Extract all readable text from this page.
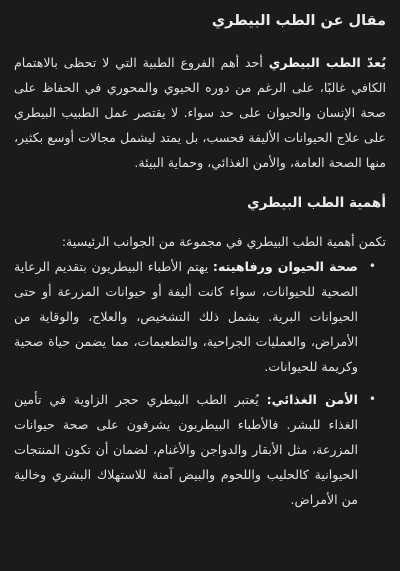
مقال عن الطب البيطري

يُعدّ الطب البيطري أحد أهم الفروع الطبية التي لا تحظى بالاهتمام الكافي غالبًا، على الرغم من دوره الحيوي والمحوري في الحفاظ على صحة الإنسان والحيوان على حد سواء. لا يقتصر عمل الطبيب البيطري على علاج الحيوانات الأليفة فحسب، بل يمتد ليشمل مجالات أوسع بكثير، منها الصحة العامة، والأمن الغذائي، وحماية البيئة.

أهمية الطب البيطري

تكمن أهمية الطب البيطري في مجموعة من الجوانب الرئيسية:

•
صحة الحيوان ورفاهيته: يهتم الأطباء البيطريون بتقديم الرعاية الصحية للحيوانات، سواء كانت أليفة أو حيوانات المزرعة أو حتى الحيوانات البرية. يشمل ذلك التشخيص، والعلاج، والوقاية من الأمراض، والعمليات الجراحية، والتطعيمات، مما يضمن حياة صحية وكريمة للحيوانات.
•
الأمن الغذائي: يُعتبر الطب البيطري حجر الزاوية في تأمين الغذاء للبشر. فالأطباء البيطريون يشرفون على صحة حيوانات المزرعة، مثل الأبقار والدواجن والأغنام، لضمان أن تكون المنتجات الحيوانية كالحليب واللحوم والبيض آمنة للاستهلاك البشري وخالية من الأمراض.
